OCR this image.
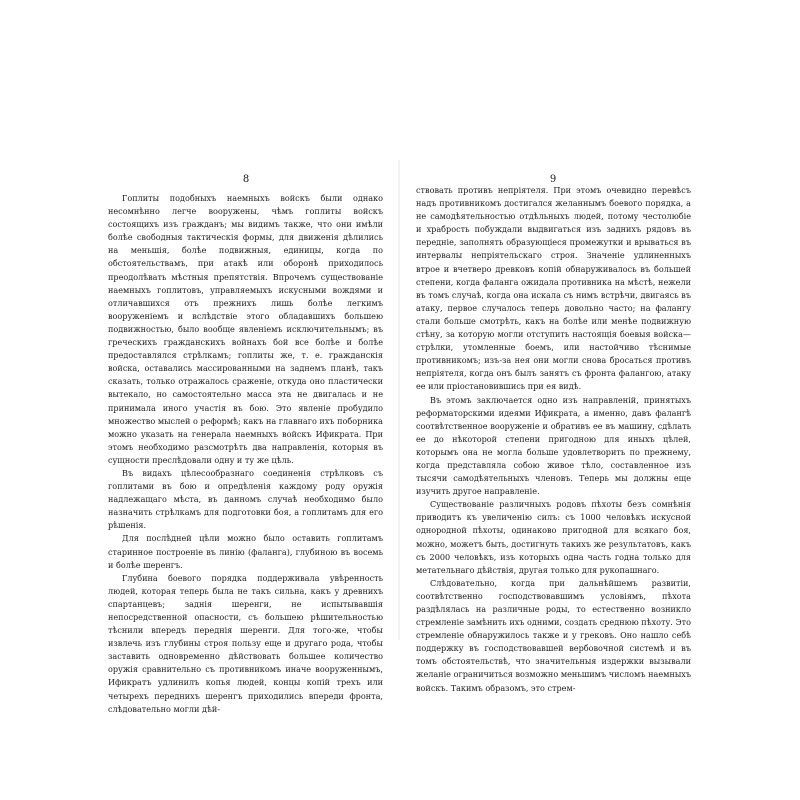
8	9

Гоплиты подобныхъ наемныхъ войскъ были однако несомнѣнно легче вооружены, чѣмъ гоплиты войскъ состоящихъ изъ гражданъ; мы видимъ также, что они имѣли болѣе свободныя тактическія формы, для движенія дѣлились на меньшія, болѣе подвижныя, единицы, когда по обстоятельствамъ, при атакѣ или оборонѣ приходилось преодолѣвать мѣстныя препятствія. Впрочемъ существованіе наемныхъ гоплитовъ, управляемыхъ искусными вождями и отличавшихся отъ прежнихъ лишь болѣе легкимъ вооруженіемъ и вслѣдствіе этого обладавшихъ большею подвижностью, было вообще явленіемъ исключительнымъ; въ греческихъ гражданскихъ войнахъ бой все болѣе и болѣе предоставлялся стрѣлкамъ; гоплиты же, т. е. гражданскія войска, оставались массированными на заднемъ планѣ, такъ сказать, только отражалось сраженіе, откуда оно пластически вытекало, но самостоятельно масса эта не двигалась и не принимала иного участія въ бою. Это явленіе пробудило множество мыслей о реформѣ; какъ на главнаго ихъ поборника можно указать на генерала наемныхъ войскъ Ификрата. При этомъ необходимо разсмотрѣть два направленія, которыя въ сущности преслѣдовали одну и ту же цѣль.

Въ видахъ цѣлесообразнаго соединенія стрѣлковъ съ гоплитами въ бою и опредѣленія каждому роду оружія надлежащаго мѣста, въ данномъ случаѣ необходимо было назначить стрѣлкамъ для подготовки боя, а гоплитамъ для его рѣшенія.

Для послѣдней цѣли можно было оставить гоплитамъ старинное построеніе въ линію (фаланга), глубиною въ восемь и болѣе шеренгъ.

Глубина боевого порядка поддерживала увѣренность людей, которая теперь была не такъ сильна, какъ у древнихъ спартанцевъ; заднія шеренги, не испытывавшія непосредственной опасности, съ большею рѣшительностью тѣснили впередъ переднія шеренги. Для того-же, чтобы извлечь изъ глубины строя пользу еще и другаго рода, чтобы заставить одновременно дѣйствовать большее количество оружія сравнительно съ противникомъ иначе вооруженнымъ, Ификратъ удлинилъ копья людей, концы копій трехъ или четырехъ переднихъ шеренгъ приходились впереди фронта, слѣдовательно могли дѣй-

ствовать противъ непріятеля. При этомъ очевидно перевѣсъ надъ противникомъ достигался желаннымъ боевого порядка, а не самодѣятельностью отдѣльныхъ людей, потому честолюбіе и храбрость побуждали выдвигаться изъ заднихъ рядовъ въ передніе, заполнять образующіеся промежутки и врываться въ интервалы непріятельскаго строя. Значеніе удлиненныхъ втрое и вчетверо древковъ копій обнаруживалось въ большей степени, когда фаланга ожидала противника на мѣстѣ, нежели въ томъ случаѣ, когда она искала съ нимъ встрѣчи, двигаясь въ атаку, первое случалось теперь довольно часто; на фалангу стали больше смотрѣть, какъ на болѣе или менѣе подвижную стѣну, за которую могли отступить настоящія боевыя войска—стрѣлки, утомленные боемъ, или настойчиво тѣснимые противникомъ; изъ-за нея они могли снова бросаться противъ непріятеля, когда онъ былъ занятъ съ фронта фалангою, атаку ее или пріостановившись при ея видѣ.

Въ этомъ заключается одно изъ направленій, принятыхъ реформаторскими идеями Ификрата, а именно, давъ фалангѣ соотвѣтственное вооруженіе и обративъ ее въ машину, сдѣлать ее до нѣкоторой степени пригодною для иныхъ цѣлей, которымъ она не могла больше удовлетворить по прежнему, когда представляла собою живое тѣло, составленное изъ тысячи самодѣятельныхъ членовъ. Теперь мы должны еще изучить другое направленіе.

Существованіе различныхъ родовъ пѣхоты безъ сомнѣнія приводитъ къ увеличенію силъ: съ 1000 человѣкъ искусной однородной пѣхоты, одинаково пригодной для всякаго боя, можно, можетъ быть, достигнуть такихъ же результатовъ, какъ съ 2000 человѣкъ, изъ которыхъ одна часть годна только для метательнаго дѣйствія, другая только для рукопашнаго.

Слѣдовательно, когда при дальнѣйшемъ развитіи, соотвѣтственно господствовавшимъ условіямъ, пѣхота раздѣлялась на различные роды, то естественно возникло стремленіе замѣнить ихъ одними, создать среднюю пѣхоту. Это стремленіе обнаружилось также и у грековъ. Оно нашло себѣ поддержку въ господствовавшей вербовочной системѣ и въ томъ обстоятельствѣ, что значительныя издержки вызывали желаніе ограничиться возможно меньшимъ числомъ наемныхъ войскъ. Такимъ образомъ, это стрем-
